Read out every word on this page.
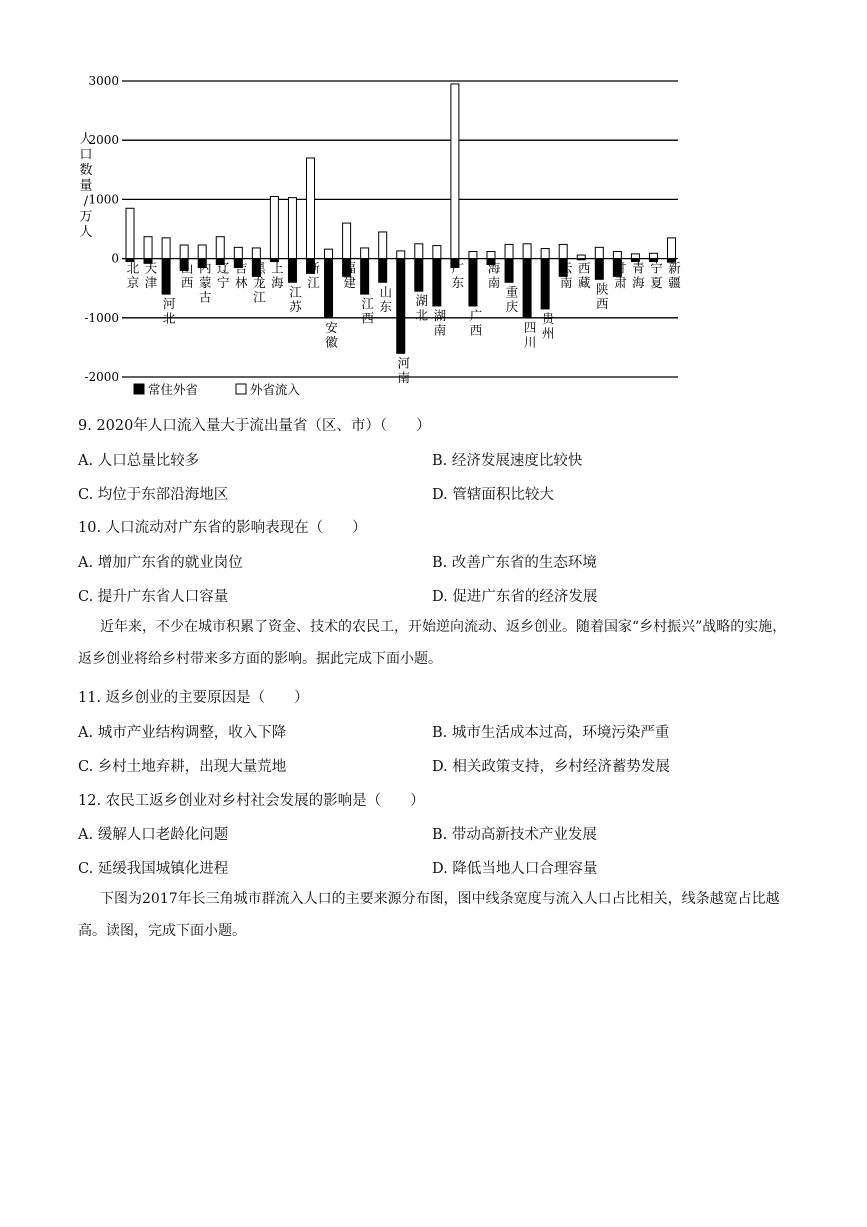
3000
2000
1000
0
-1000
-2000
人
口
数
量
/
万
人
北
京
天
津
河
北
山
西
内
蒙
古
辽
宁
吉
林
黑
龙
江
上
海
江
苏
浙
江
安
徽
福
建
江
西
山
东
河
南
湖
北 湖
南
广
东
广
西
海
南
重
庆
四
川
贵
州
云
南
西
藏 陕
西
甘
肃
青
海
宁
夏
新
疆
常住外省	外省流入
9. 2020年人口流入量大于流出量省（区、市）（　　）
A. 人口总量比较多	B. 经济发展速度比较快
C. 均位于东部沿海地区	D. 管辖面积比较大
10. 人口流动对广东省的影响表现在（　　）
A. 增加广东省的就业岗位	B. 改善广东省的生态环境
C. 提升广东省人口容量	D. 促进广东省的经济发展
近年来，不少在城市积累了资金、技术的农民工，开始逆向流动、返乡创业。随着国家“乡村振兴”战略的实施，返乡创业将给乡村带来多方面的影响。据此完成下面小题。
11. 返乡创业的主要原因是（　　）
A. 城市产业结构调整，收入下降	B. 城市生活成本过高，环境污染严重
C. 乡村土地弃耕，出现大量荒地	D. 相关政策支持，乡村经济蓄势发展
12. 农民工返乡创业对乡村社会发展的影响是（　　）
A. 缓解人口老龄化问题	B. 带动高新技术产业发展
C. 延缓我国城镇化进程	D. 降低当地人口合理容量
下图为2017年长三角城市群流入人口的主要来源分布图，图中线条宽度与流入人口占比相关，线条越宽占比越高。读图，完成下面小题。
